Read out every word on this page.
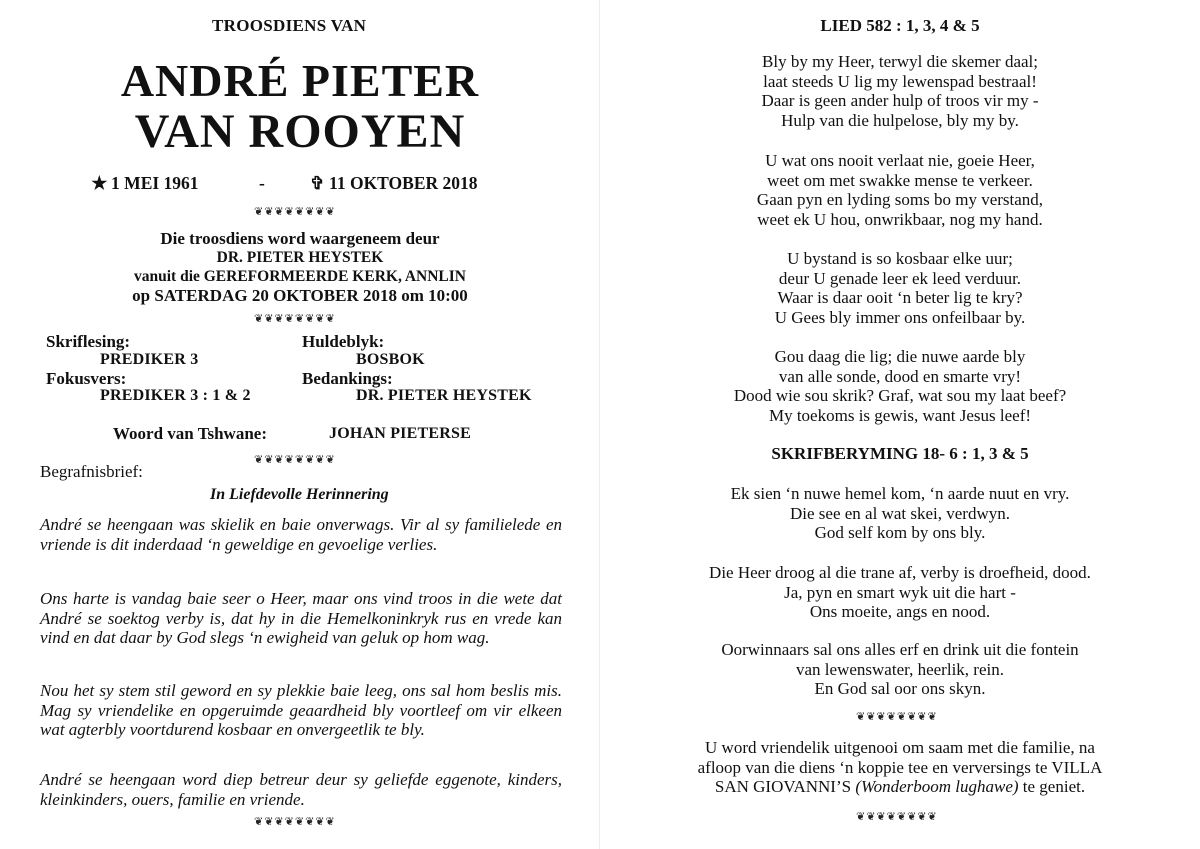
TROOSDIENS VAN
ANDRÉ PIETER
VAN ROOYEN
✭ 1 MEI 1961	-	✞ 11 OKTOBER 2018
❦❦❦❦❦❦❦❦
Die troosdiens word waargeneem deur
DR. PIETER HEYSTEK
vanuit die GEREFORMEERDE KERK, ANNLIN
op SATERDAG 20 OKTOBER 2018 om 10:00
❦❦❦❦❦❦❦❦
Skriflesing:
PREDIKER 3
Fokusvers:
PREDIKER 3 : 1 & 2
Huldeblyk:
BOSBOK
Bedankings:
DR. PIETER HEYSTEK
Woord van Tshwane:	JOHAN PIETERSE
❦❦❦❦❦❦❦❦
Begrafnisbrief:
In Liefdevolle Herinnering
André se heengaan was skielik en baie onverwags. Vir al sy familielede en vriende is dit inderdaad ‘n geweldige en gevoelige verlies.
Ons harte is vandag baie seer o Heer, maar ons vind troos in die wete dat André se soektog verby is, dat hy in die Hemelkoninkryk rus en vrede kan vind en dat daar by God slegs ‘n ewigheid van geluk op hom wag.
Nou het sy stem stil geword en sy plekkie baie leeg, ons sal hom beslis mis. Mag sy vriendelike en opgeruimde geaardheid bly voortleef om vir elkeen wat agterbly voortdurend kosbaar en onvergeetlik te bly.
André se heengaan word diep betreur deur sy geliefde eggenote, kinders, kleinkinders, ouers, familie en vriende.
❦❦❦❦❦❦❦❦
LIED 582 : 1, 3, 4 & 5
Bly by my Heer, terwyl die skemer daal;
laat steeds U lig my lewenspad bestraal!
Daar is geen ander hulp of troos vir my -
Hulp van die hulpelose, bly my by.
U wat ons nooit verlaat nie, goeie Heer,
weet om met swakke mense te verkeer.
Gaan pyn en lyding soms bo my verstand,
weet ek U hou, onwrikbaar, nog my hand.
U bystand is so kosbaar elke uur;
deur U genade leer ek leed verduur.
Waar is daar ooit ‘n beter lig te kry?
U Gees bly immer ons onfeilbaar by.
Gou daag die lig; die nuwe aarde bly
van alle sonde, dood en smarte vry!
Dood wie sou skrik? Graf, wat sou my laat beef?
My toekoms is gewis, want Jesus leef!
SKRIFBERYMING 18- 6 : 1, 3 & 5
Ek sien ‘n nuwe hemel kom, ‘n aarde nuut en vry.
Die see en al wat skei, verdwyn.
God self kom by ons bly.
Die Heer droog al die trane af, verby is droefheid, dood.
Ja, pyn en smart wyk uit die hart -
Ons moeite, angs en nood.
Oorwinnaars sal ons alles erf en drink uit die fontein
van lewenswater, heerlik, rein.
En God sal oor ons skyn.
❦❦❦❦❦❦❦❦
U word vriendelik uitgenooi om saam met die familie, na
afloop van die diens ‘n koppie tee en verversings te VILLA
SAN GIOVANNI’S (Wonderboom lughawe) te geniet.
❦❦❦❦❦❦❦❦
